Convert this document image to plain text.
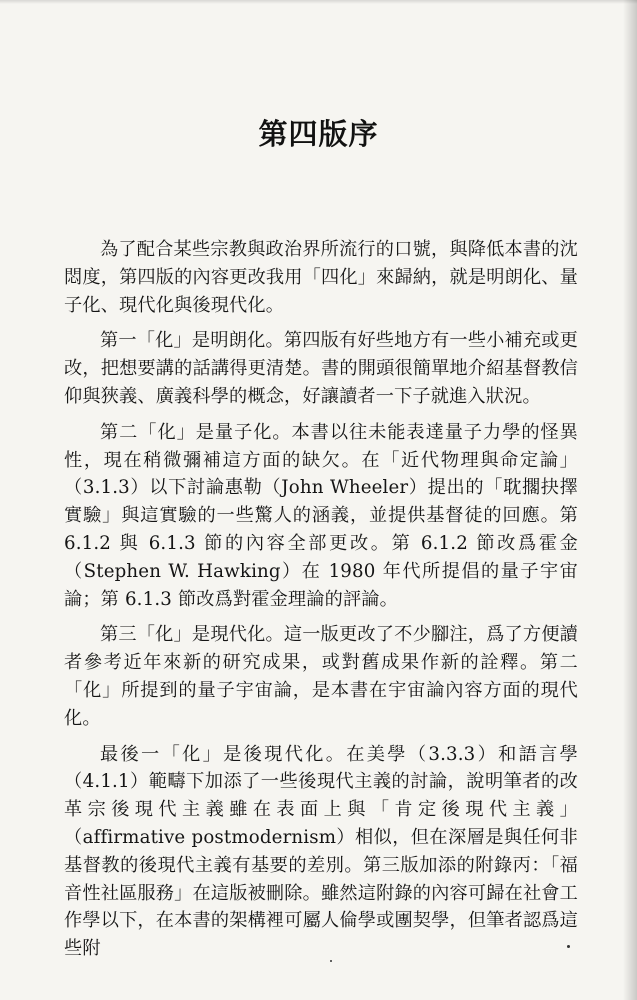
第四版序

為了配合某些宗教與政治界所流行的口號，與降低本書的沈悶度，第四版的內容更改我用「四化」來歸納，就是明朗化、量子化、現代化與後現代化。

第一「化」是明朗化。第四版有好些地方有一些小補充或更改，把想要講的話講得更清楚。書的開頭很簡單地介紹基督教信仰與狹義、廣義科學的概念，好讓讀者一下子就進入狀況。

第二「化」是量子化。本書以往未能表達量子力學的怪異性，現在稍微彌補這方面的缺欠。在「近代物理與命定論」（3.1.3）以下討論惠勒（John Wheeler）提出的「耽擱抉擇實驗」與這實驗的一些驚人的涵義，並提供基督徒的回應。第 6.1.2 與 6.1.3 節的內容全部更改。第 6.1.2 節改爲霍金（Stephen W. Hawking）在 1980 年代所提倡的量子宇宙論；第 6.1.3 節改爲對霍金理論的評論。

第三「化」是現代化。這一版更改了不少腳注，爲了方便讀者參考近年來新的研究成果，或對舊成果作新的詮釋。第二「化」所提到的量子宇宙論，是本書在宇宙論內容方面的現代化。

最後一「化」是後現代化。在美學（3.3.3）和語言學（4.1.1）範疇下加添了一些後現代主義的討論，說明筆者的改革宗後現代主義雖在表面上與「肯定後現代主義」（affirmative postmodernism）相似，但在深層是與任何非基督教的後現代主義有基要的差別。第三版加添的附錄丙：「福音性社區服務」在這版被刪除。雖然這附錄的內容可歸在社會工作學以下，在本書的架構裡可屬人倫學或團契學，但筆者認爲這些附
